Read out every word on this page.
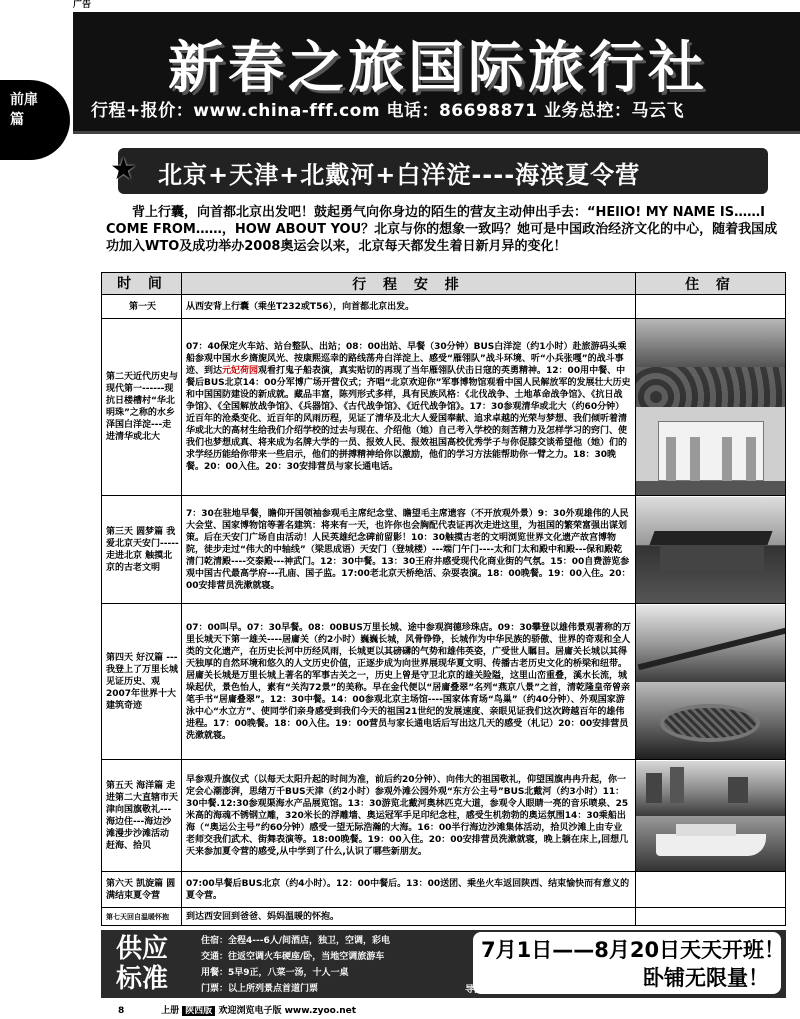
广告
前扉篇
新春之旅国际旅行社
行程+报价：www.china-fff.com 电话：86698871 业务总控：马云飞
★ 北京+天津+北戴河+白洋淀----海滨夏令营
背上行囊，向首都北京出发吧！鼓起勇气向你身边的陌生的营友主动伸出手去：“HEllO! MY NAME IS……I COME FROM……，HOW ABOUT YOU？北京与你的想象一致吗？她可是中国政治经济文化的中心，随着我国成功加入WTO及成功举办2008奥运会以来，北京每天都发生着日新月异的变化！
时 间	行 程 安 排	住 宿
第一天	从西安背上行囊（乘坐T232或T56），向首都北京出发。	
第二天近代历史与现代第一------现抗日楼槽村“华北明珠”之称的水乡泽国白洋淀---走进清华或北大	07：40保定火车站、站台整队、出站；08：00出站、早餐（30分钟）BUS白洋淀（约1小时）赴旅游码头乘船参观中国水乡旖旎风光、按康熙巡幸的路线荡舟白洋淀上、感受“雁翎队”战斗环境、听“小兵张嘎”的战斗事迹、到达元妃荷园观看打鬼子船表演，真实贴切的再现了当年雁翎队伏击日寇的英勇精神。12：00用中餐、中餐后BUS北京14：00分军博广场开营仪式；齐唱“北京欢迎你”军事博物馆观看中国人民解放军的发展壮大历史和中国国防建设的新成就。藏品丰富，陈列形式多样，具有民族风格：《北伐战争、土地革命战争馆》、《抗日战争馆》、《全国解放战争馆》、《兵器馆》、《古代战争馆》、《近代战争馆》。17：30参观清华或北大（约60分钟）近百年的沧桑变化、近百年的风雨历程，见证了清华及北大人爱国奉献、追求卓越的光荣与梦想、我们倾听着清华或北大的高材生给我们介绍学校的过去与现在、介绍他（她）自己考入学校的刻苦精力及怎样学习的窍门、使我们也梦想成真、将来成为名牌大学的一员、报效人民、报效祖国高校优秀学子与你促膝交谈希望他（她）们的求学经历能给你带来一些启示，他们的拼搏精神给你以激励，他们的学习方法能帮助你一臂之力。18：30晚餐。20：00入住。20：30安排营员与家长通电话。	

第三天 圆梦篇 我爱北京天安门-----走进北京 触摸北京的古老文明	7：30在驻地早餐，瞻仰开国领袖参观毛主席纪念堂、瞻望毛主席遗容（不开放观外景）9：30外观雄伟的人民大会堂、国家博物馆等著名建筑：将来有一天，也许你也会胸配代表证再次走进这里，为祖国的繁荣富强出谋划策。后在天安门广场自由活动！人民英雄纪念碑前留影！10：30触摸古老的文明浏览世界文化遗产故宫博物院，徒步走过“伟大的中轴线”（梁思成语）天安门（登城楼）---端门午门----太和门太和殿中和殿---保和殿乾清门乾清殿----交泰殿---神武门。12：30中餐。13：30王府井感受现代化商业街的气氛。15：00自费游览参观中国古代最高学府---孔庙、国子监。17:00老北京天桥绝活、杂耍表演。18：00晚餐。19：00入住。20：00安排营员洗漱就寝。	

第四天 好汉篇 ---我登上了万里长城 见证历史、观2007年世界十大建筑奇迹	07：00叫早。07：30早餐。08：00BUS万里长城、途中参观润德珍珠店。09：30攀登以雄伟景观著称的万里长城天下第一雄关----居庸关（约2小时）巍巍长城，风骨铮铮，长城作为中华民族的骄傲、世界的奇观和全人类的文化遗产，在历史长河中历经风雨，长城更以其磅礴的气势和雄伟英姿，广受世人瞩目。居庸关长城以其得天独厚的自然环境和悠久的人文历史价值，正逐步成为向世界展现华夏文明、传播古老历史文化的桥梁和纽带。居庸关长城是万里长城上著名的军事古关之一，历史上曾是守卫北京的雄关险隘，这里山峦重叠，溪水长流，城垛起伏，景色怡人，素有“关沟72景”的美称。早在金代便以“居庸叠翠”名列“燕京八景”之首，清乾隆皇帝曾亲笔手书“居庸叠翠”。12：30中餐。14：00参观北京主场馆----国家体育场“鸟巢”（约40分钟）、外观国家游泳中心“水立方”、使同学们亲身感受到我们今天的祖国21世纪的发展速度、亲眼见证我们这次跨越百年的雄伟进程。17：00晚餐。18：00入住。19：00营员与家长通电话后写出这几天的感受（札记）20：00安排营员洗漱就寝。	

第五天 海洋篇 走进第二大直辖市天津向国旗敬礼---海边住---海边沙滩漫步沙滩活动 赶海、拾贝	早参观升旗仪式（以每天太阳升起的时间为准，前后约20分钟）、向伟大的祖国敬礼，仰望国旗冉冉升起，你一定会心潮澎湃，思绪万千BUS天津（约2小时）参观外滩公园外观“东方公主号”BUS北戴河（约3小时）11：30中餐.12:30参观渠海水产品展览馆。13：30游览北戴河奥林匹克大道，参观令人眼睛一亮的音乐喷泉、25米高的海魂不锈钢立雕，320米长的浮雕墙、奥运冠军手足印纪念柱，感受生机勃勃的奥运氛围14：30乘船出海（“奥运公主号”约60分钟）感受一望无际浩瀚的大海。16：00半行海边沙滩集体活动，拾贝沙滩上由专业老师交我们武术、街舞表演等。18:00晚餐。19：00入住。20：00安排营员洗漱就寝，晚上躺在床上,回想几天来参加夏令营的感受,从中学到了什么,认识了哪些新朋友。	

第六天 凯旋篇 圆满结束夏令营	07:00早餐后BUS北京（约4小时）。12：00中餐后。13：00送团、乘坐火车返回陕西、结束愉快而有意义的夏令营。	
第七天回自温暖怀抱	到达西安回到爸爸、妈妈温暖的怀抱。	
供应标准
住宿：全程4---6人/间酒店，独卫，空调，彩电
交通：往返空调火车硬座/卧，当地空调旅游车
用餐：5早9正，八菜一汤，十人一桌
门票：以上所列景点首道门票
7月1日——8月20日天天开班！
卧铺无限量！
导游：持证优秀导游全程服务
8	上册 陕西版 欢迎浏览电子版 www.zyoo.net
